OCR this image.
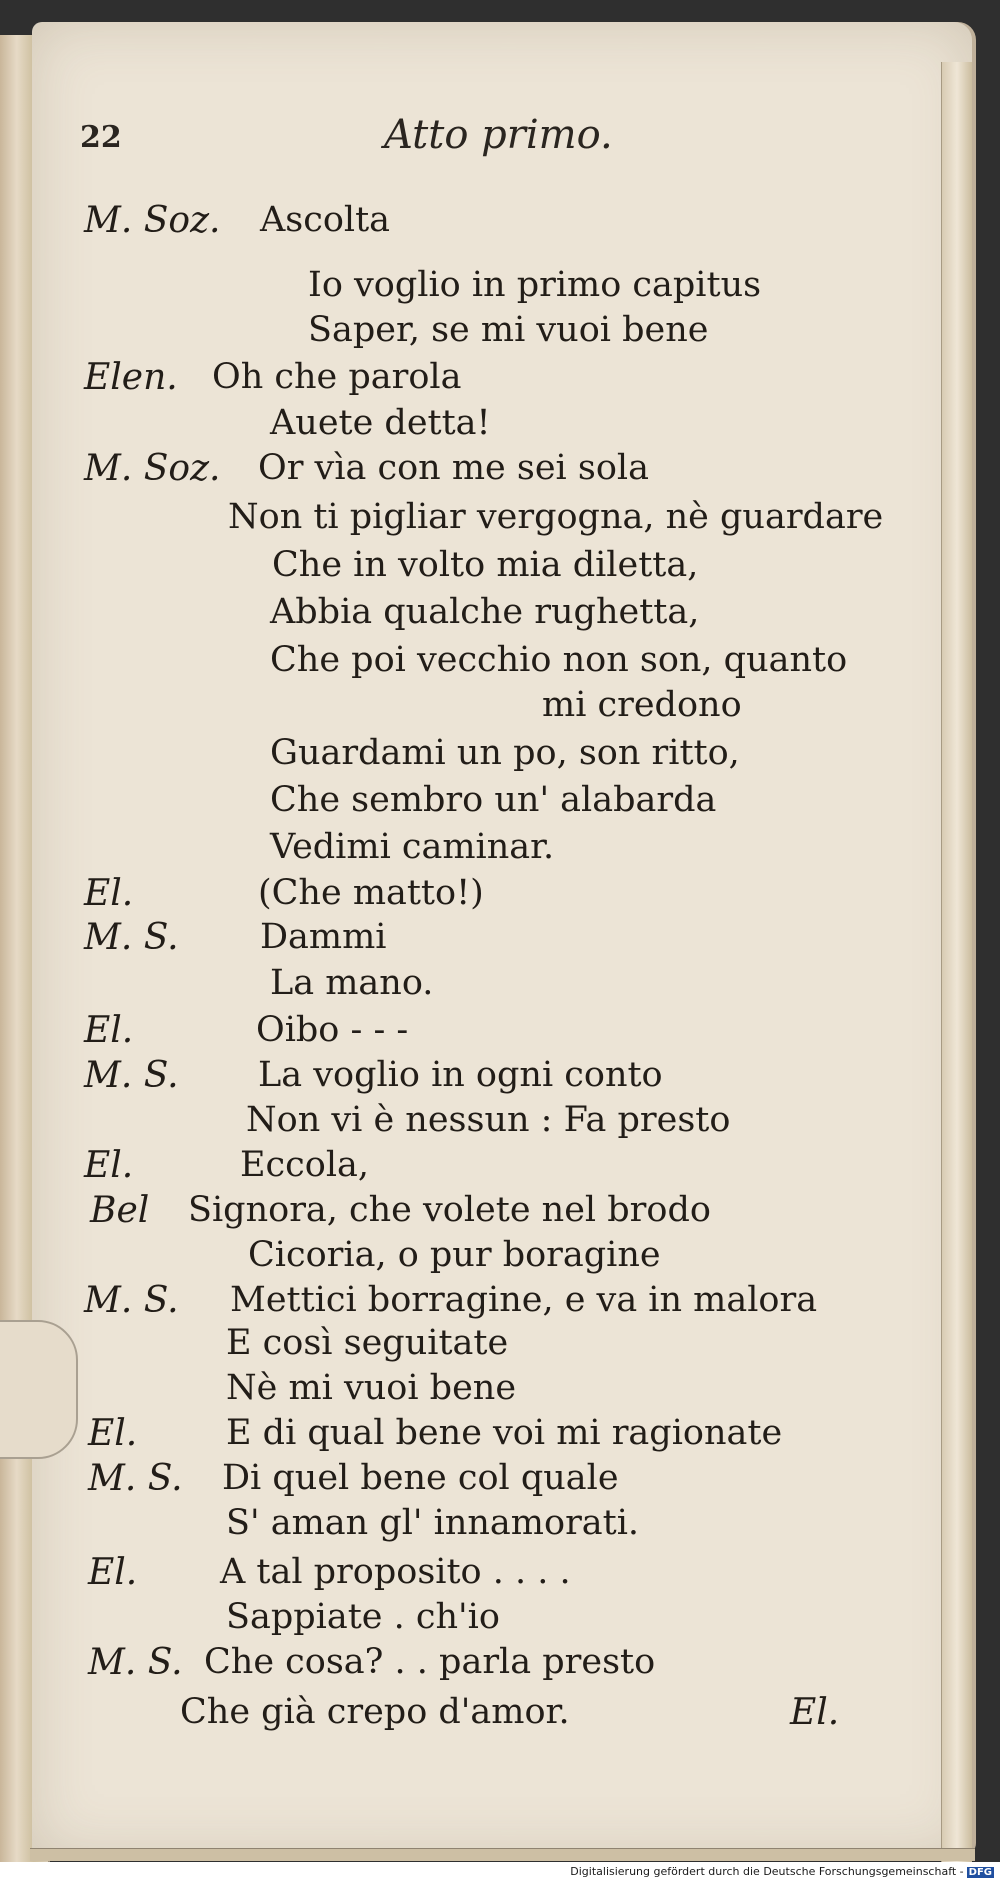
22	Atto primo.
M. Soz. Ascolta
Io voglio in primo capitus
Saper, se mi vuoi bene
Elen. Oh che parola
Auete detta!
M. Soz. Or vìa con me sei sola
Non ti pigliar vergogna, nè guardare
Che in volto mia diletta,
Abbia qualche rughetta,
Che poi vecchio non son, quanto
mi credono
Guardami un po, son ritto,
Che sembro un' alabarda
Vedimi caminar.
El.	(Che matto!)
M. S. Dammi
La mano.
El.	Oibo - - -
M. S. La voglio in ogni conto
Non vi è nessun : Fa presto
El.	Eccola,
Bel Signora, che volete nel brodo
Cicoria, o pur boragine
M. S. Mettici borragine, e va in malora
E così seguitate
Nè mi vuoi bene
El.	E di qual bene voi mi ragionate
M. S. Di quel bene col quale
S' aman gl' innamorati.
El. A tal proposito . . . .
Sappiate . ch'io
M. S. Che cosa? . . parla presto
Che già crepo d'amor.	El.
Digitalisierung gefördert durch die Deutsche Forschungsgemeinschaft - DFG
